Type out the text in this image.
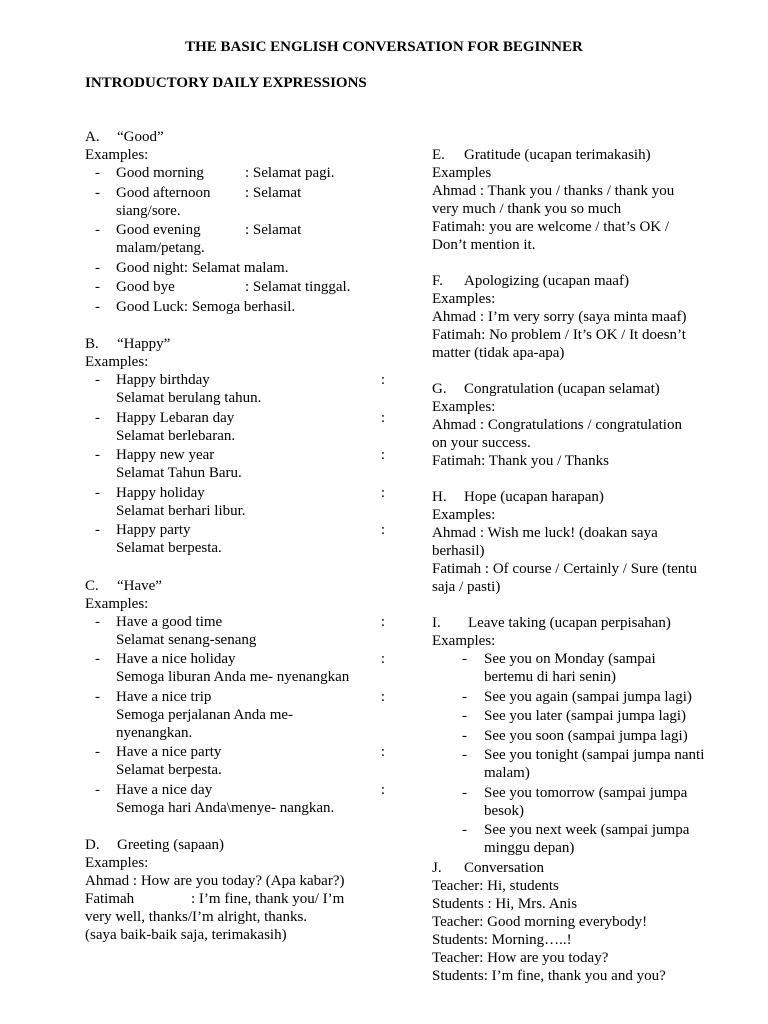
THE BASIC ENGLISH CONVERSATION FOR BEGINNER
INTRODUCTORY DAILY EXPRESSIONS
A.	“Good”
Examples:
- Good morning	: Selamat pagi.
- Good afternoon : Selamat
siang/sore.
- Good evening	: Selamat
malam/petang.
- Good night: Selamat malam.
- Good bye	: Selamat tinggal.
- Good Luck: Semoga berhasil.
B.	“Happy”
Examples:
- Happy birthday	:
Selamat berulang tahun.
- Happy Lebaran day	:
Selamat berlebaran.
- Happy new year	:
Selamat Tahun Baru.
- Happy holiday	:
Selamat berhari libur.
- Happy party	:
Selamat berpesta.
C.	“Have”
Examples:
- Have a good time	:
Selamat senang-senang
- Have a nice holiday	:
Semoga liburan Anda me- nyenangkan
- Have a nice trip	:
Semoga perjalanan Anda me-
nyenangkan.
- Have a nice party	:
Selamat berpesta.
- Have a nice day	:
Semoga hari Anda\menye- nangkan.
D.	Greeting (sapaan)
Examples:
Ahmad : How are you today? (Apa kabar?)
Fatimah	: I’m fine, thank you/ I’m
very well, thanks/I’m alright, thanks.
(saya baik-baik saja, terimakasih)
E.	Gratitude (ucapan terimakasih)
Examples
Ahmad : Thank you / thanks / thank you
very much / thank you so much
Fatimah: you are welcome / that’s OK /
Don’t mention it.
F.	Apologizing (ucapan maaf)
Examples:
Ahmad : I’m very sorry (saya minta maaf)
Fatimah: No problem / It’s OK / It doesn’t
matter (tidak apa-apa)
G.	Congratulation (ucapan selamat)
Examples:
Ahmad : Congratulations / congratulation
on your success.
Fatimah: Thank you / Thanks
H.	Hope (ucapan harapan)
Examples:
Ahmad : Wish me luck! (doakan saya
berhasil)
Fatimah : Of course / Certainly / Sure (tentu
saja / pasti)
I.	Leave taking (ucapan perpisahan)
Examples:
- See you on Monday (sampai
bertemu di hari senin)
- See you again (sampai jumpa lagi)
- See you later (sampai jumpa lagi)
- See you soon (sampai jumpa lagi)
- See you tonight (sampai jumpa nanti
malam)
- See you tomorrow (sampai jumpa
besok)
- See you next week (sampai jumpa
minggu depan)
J.	Conversation
Teacher: Hi, students
Students : Hi, Mrs. Anis
Teacher: Good morning everybody!
Students: Morning…..!
Teacher: How are you today?
Students: I’m fine, thank you and you?
